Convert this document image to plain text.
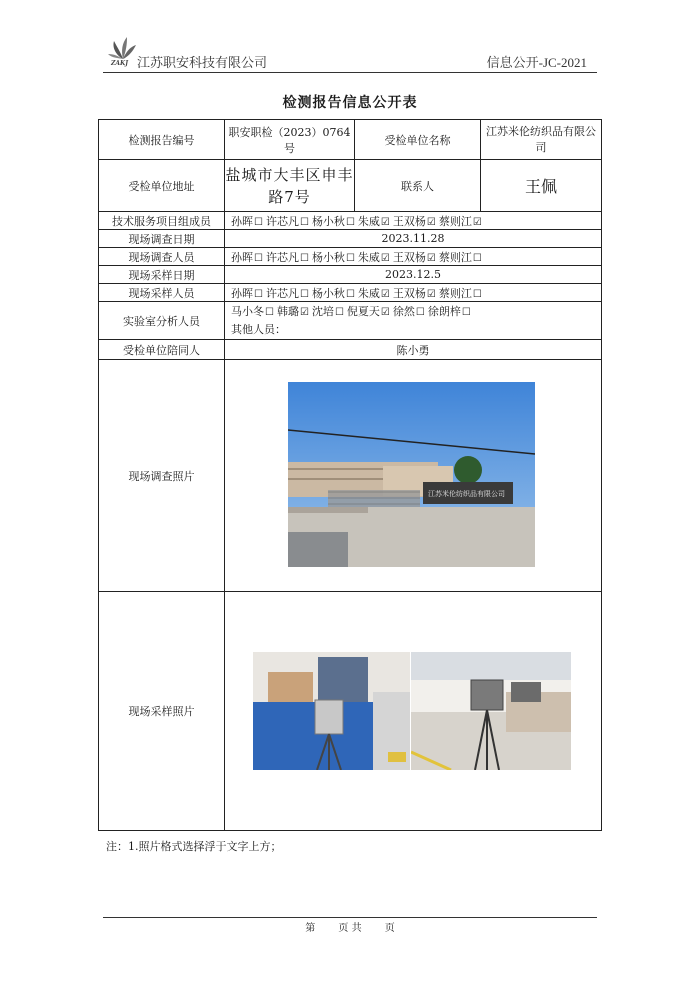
ZAKJ 江苏职安科技有限公司	信息公开-JC-2021
检测报告信息公开表
检测报告编号	职安职检（2023）0764号	受检单位名称	江苏米伦纺织品有限公司
受检单位地址	盐城市大丰区申丰路7号	联系人	王佩
技术服务项目组成员	孙晖☐ 许芯凡☐ 杨小秋☐ 朱威☑ 王双杨☑ 蔡则江☑		
现场调查日期	2023.11.28		
现场调查人员	孙晖☐ 许芯凡☐ 杨小秋☐ 朱威☑ 王双杨☑ 蔡则江☐		
现场采样日期	2023.12.5		
现场采样人员	孙晖☐ 许芯凡☐ 杨小秋☐ 朱威☑ 王双杨☑ 蔡则江☐		
实验室分析人员	马小冬☐ 韩璐☑ 沈培☐ 倪夏天☑ 徐然☐ 徐朗梓☐
其他人员：		

受检单位陪同人	陈小勇		
现场调查照片	江苏米伦纺织品有限公司		

现场采样照片	
注：1.照片格式选择浮于文字上方；
第 页 共 页
